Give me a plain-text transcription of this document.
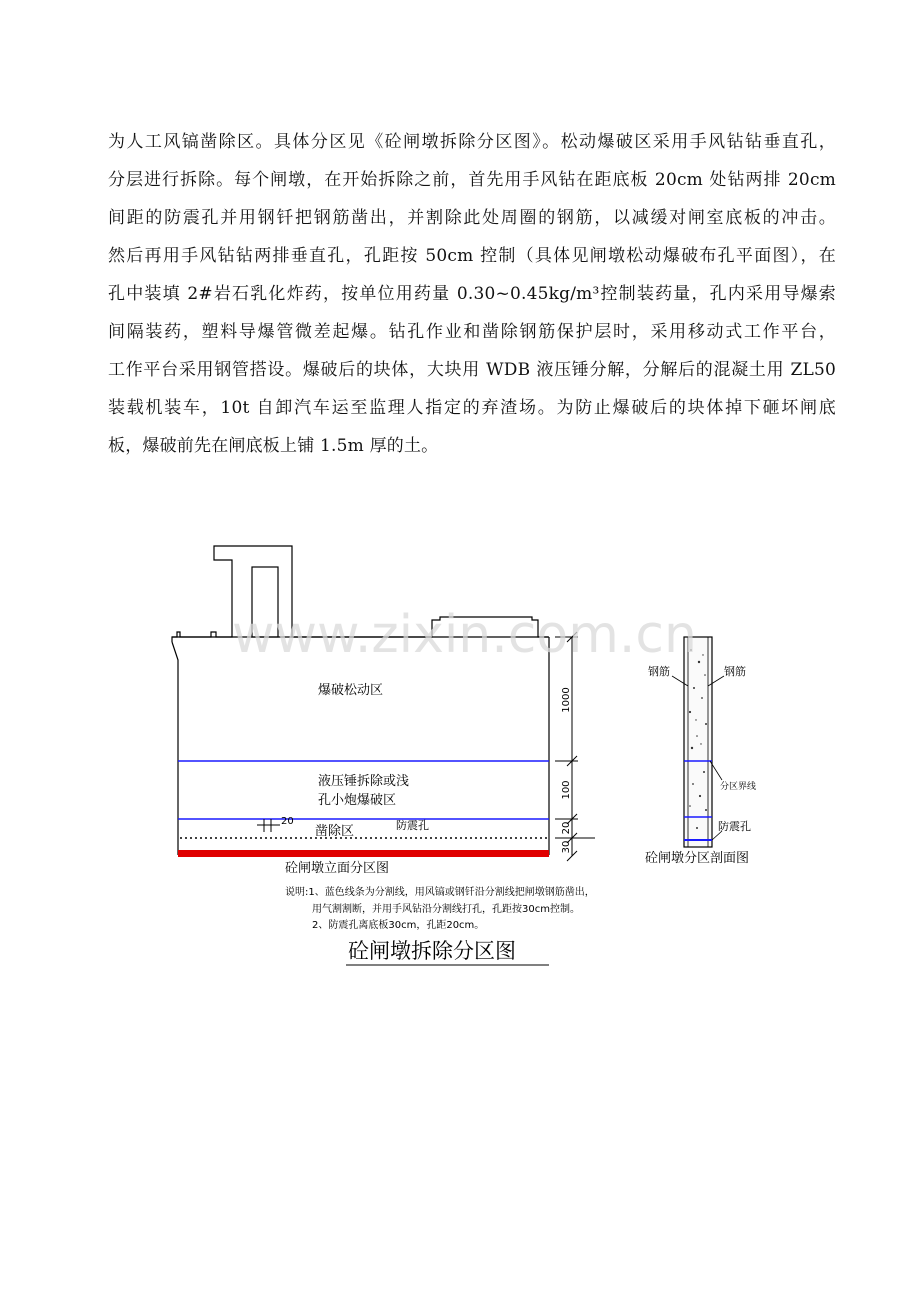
为人工风镐凿除区。具体分区见《砼闸墩拆除分区图》。松动爆破区采用手风钻钻垂直孔，
分层进行拆除。每个闸墩，在开始拆除之前，首先用手风钻在距底板 20cm 处钻两排 20cm
间距的防震孔并用钢钎把钢筋凿出，并割除此处周圈的钢筋，以减缓对闸室底板的冲击。
然后再用手风钻钻两排垂直孔，孔距按 50cm 控制（具体见闸墩松动爆破布孔平面图），在
孔中装填 2#岩石乳化炸药，按单位用药量 0.30~0.45kg/m³控制装药量，孔内采用导爆索
间隔装药，塑料导爆管微差起爆。钻孔作业和凿除钢筋保护层时，采用移动式工作平台，
工作平台采用钢管搭设。爆破后的块体，大块用 WDB 液压锤分解，分解后的混凝土用 ZL50
装载机装车，10t 自卸汽车运至监理人指定的弃渣场。为防止爆破后的块体掉下砸坏闸底
板，爆破前先在闸底板上铺 1.5m 厚的土。
20
爆破松动区
液压锤拆除或浅
孔小炮爆破区
凿除区	防震孔
1000
100
20
30
砼闸墩立面分区图
钢筋	钢筋
分区界线
防震孔
砼闸墩分区剖面图
说明:1、蓝色线条为分割线，用风镐或钢钎沿分割线把闸墩钢筋凿出，
用气割割断，并用手风钻沿分割线打孔，孔距按30cm控制。
2、防震孔离底板30cm，孔距20cm。
www.zixin.com.cn
砼闸墩拆除分区图
